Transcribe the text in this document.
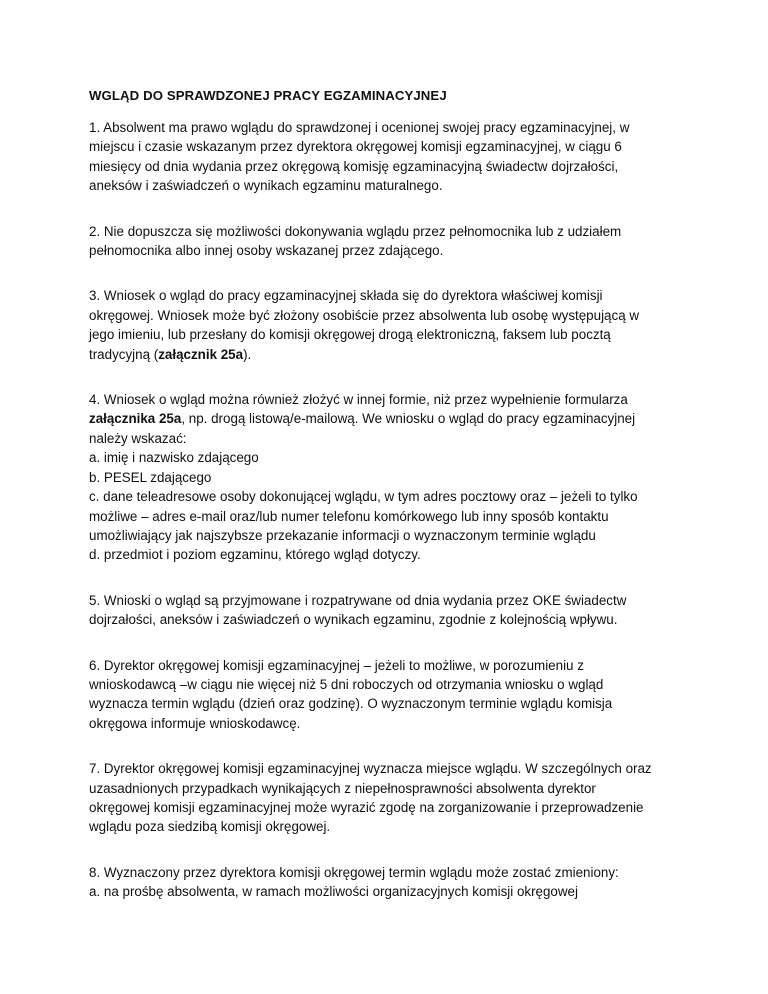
WGLĄD DO SPRAWDZONEJ PRACY EGZAMINACYJNEJ
1. Absolwent ma prawo wglądu do sprawdzonej i ocenionej swojej pracy egzaminacyjnej, w
miejscu i czasie wskazanym przez dyrektora okręgowej komisji egzaminacyjnej, w ciągu 6
miesięcy od dnia wydania przez okręgową komisję egzaminacyjną świadectw dojrzałości,
aneksów i zaświadczeń o wynikach egzaminu maturalnego.
2. Nie dopuszcza się możliwości dokonywania wglądu przez pełnomocnika lub z udziałem
pełnomocnika albo innej osoby wskazanej przez zdającego.
3. Wniosek o wgląd do pracy egzaminacyjnej składa się do dyrektora właściwej komisji
okręgowej. Wniosek może być złożony osobiście przez absolwenta lub osobę występującą w
jego imieniu, lub przesłany do komisji okręgowej drogą elektroniczną, faksem lub pocztą
tradycyjną (załącznik 25a).
4. Wniosek o wgląd można również złożyć w innej formie, niż przez wypełnienie formularza
załącznika 25a, np. drogą listową/e-mailową. We wniosku o wgląd do pracy egzaminacyjnej
należy wskazać:
a. imię i nazwisko zdającego
b. PESEL zdającego
c. dane teleadresowe osoby dokonującej wglądu, w tym adres pocztowy oraz – jeżeli to tylko
możliwe – adres e-mail oraz/lub numer telefonu komórkowego lub inny sposób kontaktu
umożliwiający jak najszybsze przekazanie informacji o wyznaczonym terminie wglądu
d. przedmiot i poziom egzaminu, którego wgląd dotyczy.
5. Wnioski o wgląd są przyjmowane i rozpatrywane od dnia wydania przez OKE świadectw
dojrzałości, aneksów i zaświadczeń o wynikach egzaminu, zgodnie z kolejnością wpływu.
6. Dyrektor okręgowej komisji egzaminacyjnej – jeżeli to możliwe, w porozumieniu z
wnioskodawcą –w ciągu nie więcej niż 5 dni roboczych od otrzymania wniosku o wgląd
wyznacza termin wglądu (dzień oraz godzinę). O wyznaczonym terminie wglądu komisja
okręgowa informuje wnioskodawcę.
7. Dyrektor okręgowej komisji egzaminacyjnej wyznacza miejsce wglądu. W szczególnych oraz
uzasadnionych przypadkach wynikających z niepełnosprawności absolwenta dyrektor
okręgowej komisji egzaminacyjnej może wyrazić zgodę na zorganizowanie i przeprowadzenie
wglądu poza siedzibą komisji okręgowej.
8. Wyznaczony przez dyrektora komisji okręgowej termin wglądu może zostać zmieniony:
a. na prośbę absolwenta, w ramach możliwości organizacyjnych komisji okręgowej
